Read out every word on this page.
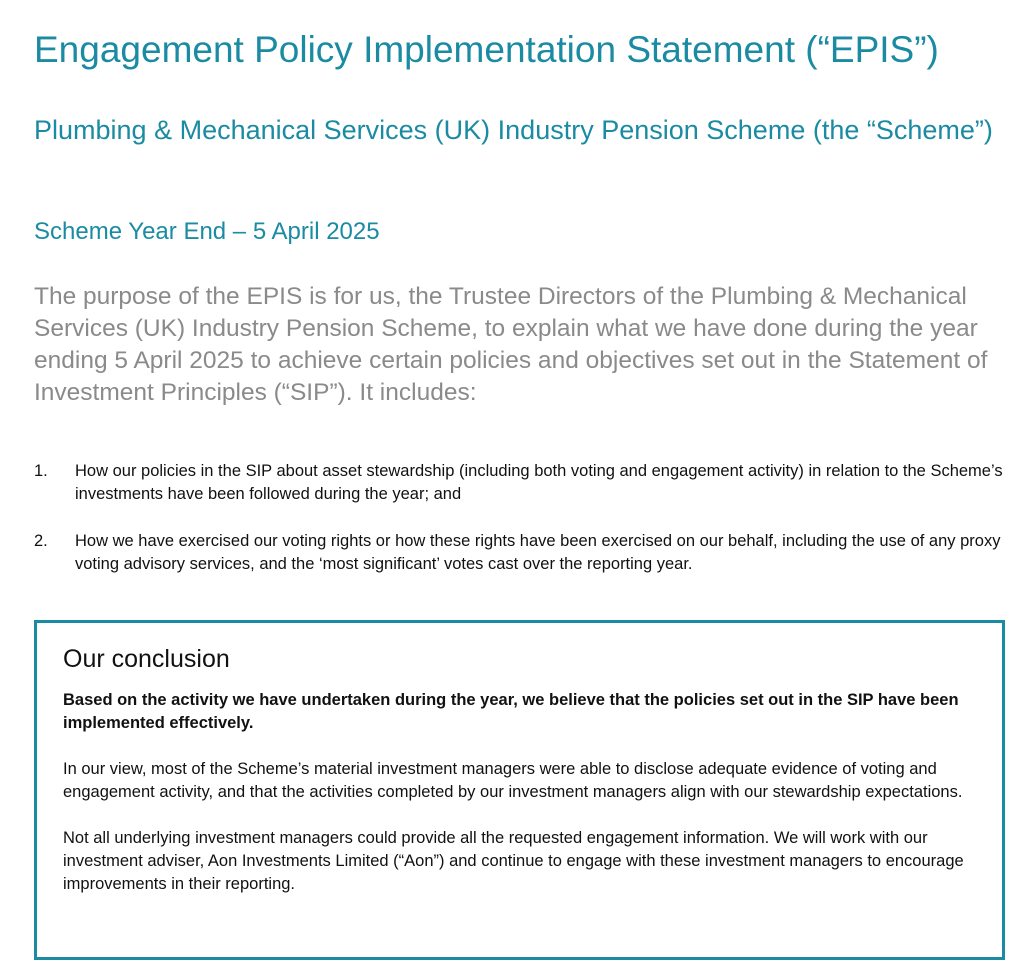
Engagement Policy Implementation Statement (“EPIS”)
Plumbing & Mechanical Services (UK) Industry Pension Scheme (the “Scheme”)
Scheme Year End – 5 April 2025

The purpose of the EPIS is for us, the Trustee Directors of the Plumbing & Mechanical Services (UK) Industry Pension Scheme, to explain what we have done during the year ending 5 April 2025 to achieve certain policies and objectives set out in the Statement of Investment Principles (“SIP”). It includes:

1. How our policies in the SIP about asset stewardship (including both voting and engagement activity) in relation to the Scheme’s investments have been followed during the year; and
2. How we have exercised our voting rights or how these rights have been exercised on our behalf, including the use of any proxy voting advisory services, and the ‘most significant’ votes cast over the reporting year.
Our conclusion

Based on the activity we have undertaken during the year, we believe that the policies set out in the SIP have been implemented effectively.

In our view, most of the Scheme’s material investment managers were able to disclose adequate evidence of voting and engagement activity, and that the activities completed by our investment managers align with our stewardship expectations.

Not all underlying investment managers could provide all the requested engagement information. We will work with our investment adviser, Aon Investments Limited (“Aon”) and continue to engage with these investment managers to encourage improvements in their reporting.
